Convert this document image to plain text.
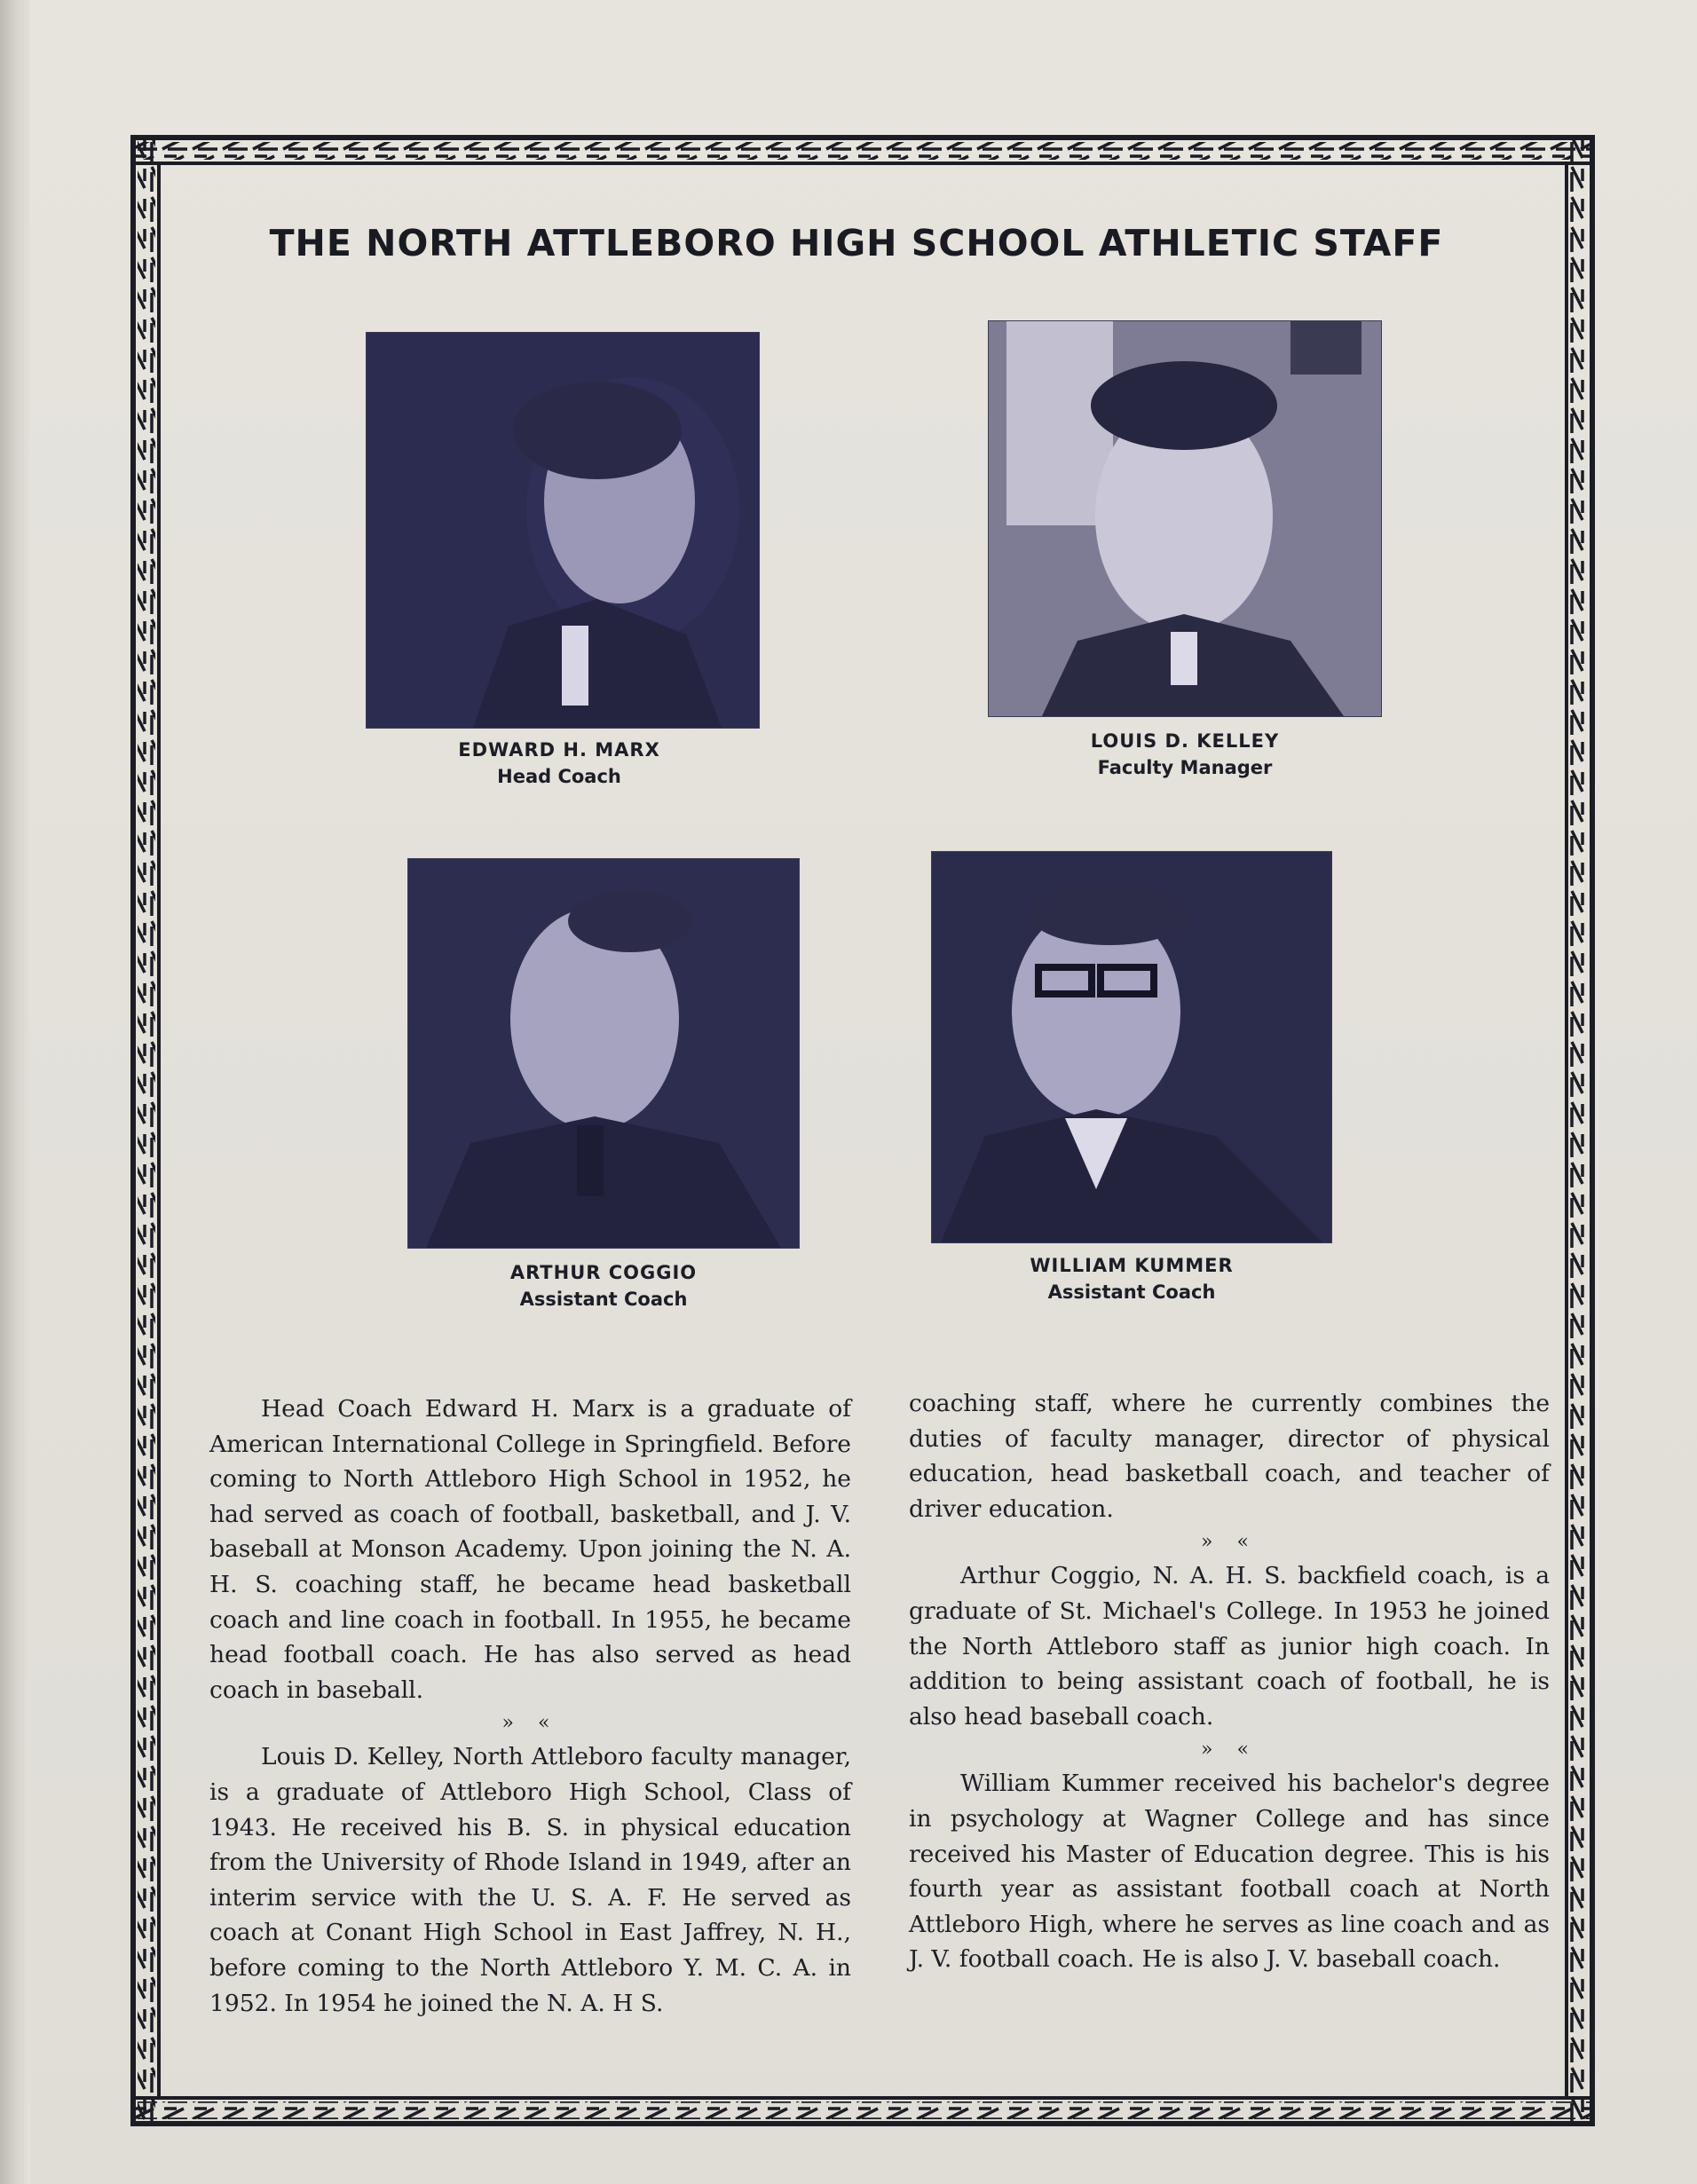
THE NORTH ATTLEBORO HIGH SCHOOL ATHLETIC STAFF
EDWARD H. MARX
Head Coach
LOUIS D. KELLEY
Faculty Manager
ARTHUR COGGIO
Assistant Coach
WILLIAM KUMMER
Assistant Coach

Head Coach Edward H. Marx is a graduate of American International College in Springfield. Before coming to North Attleboro High School in 1952, he had served as coach of football, basketball, and J. V. baseball at Monson Academy. Upon joining the N. A. H. S. coaching staff, he became head basketball coach and line coach in football. In 1955, he became head football coach. He has also served as head coach in baseball.

» «

Louis D. Kelley, North Attleboro faculty manager, is a graduate of Attleboro High School, Class of 1943. He received his B. S. in physical education from the University of Rhode Island in 1949, after an interim service with the U. S. A. F. He served as coach at Conant High School in East Jaffrey, N. H., before coming to the North Attleboro Y. M. C. A. in 1952. In 1954 he joined the N. A. H S.

coaching staff, where he currently combines the duties of faculty manager, director of physical education, head basketball coach, and teacher of driver education.

» «

Arthur Coggio, N. A. H. S. backfield coach, is a graduate of St. Michael's College. In 1953 he joined the North Attleboro staff as junior high coach. In addition to being assistant coach of football, he is also head baseball coach.

» «

William Kummer received his bachelor's degree in psychology at Wagner College and has since received his Master of Education degree. This is his fourth year as assistant football coach at North Attleboro High, where he serves as line coach and as J. V. football coach. He is also J. V. baseball coach.
